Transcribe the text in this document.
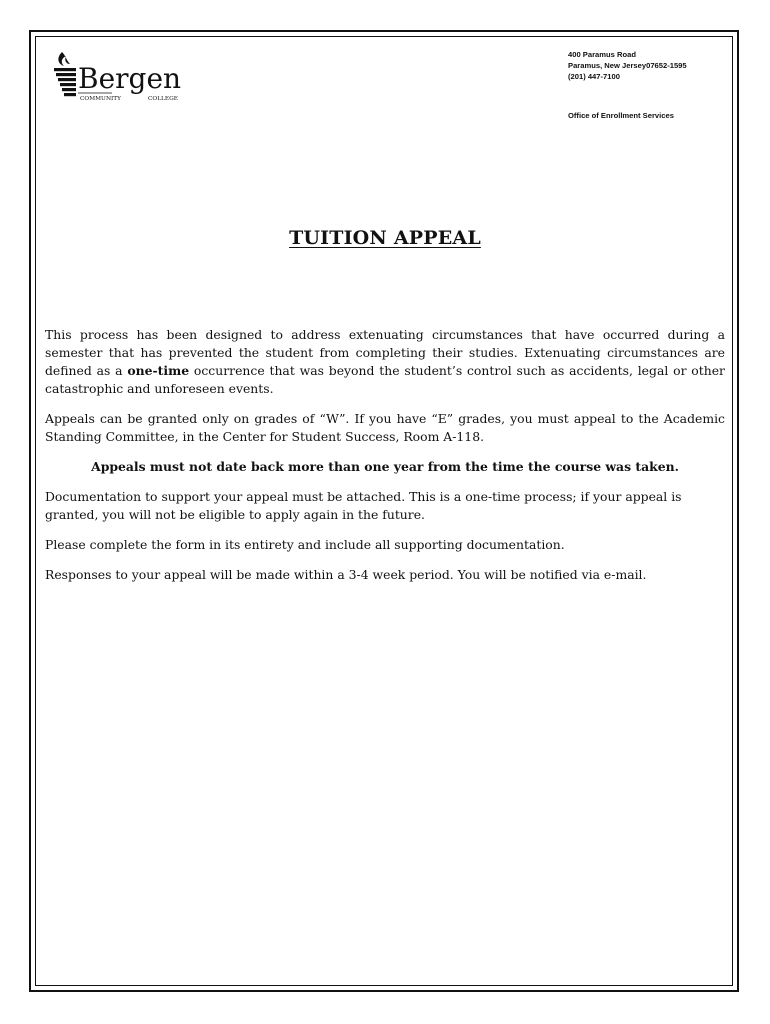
Bergen
COMMUNITY	COLLEGE
400 Paramus Road
Paramus, New Jersey07652-1595
(201) 447-7100
Office of Enrollment Services
TUITION APPEAL

This process has been designed to address extenuating circumstances that have occurred during a semester that has prevented the student from completing their studies. Extenuating circumstances are defined as a one-time occurrence that was beyond the student’s control such as accidents, legal or other catastrophic and unforeseen events.

Appeals can be granted only on grades of “W”. If you have “E” grades, you must appeal to the Academic Standing Committee, in the Center for Student Success, Room A-118.

Appeals must not date back more than one year from the time the course was taken.

Documentation to support your appeal must be attached. This is a one-time process; if your appeal is granted, you will not be eligible to apply again in the future.

Please complete the form in its entirety and include all supporting documentation.

Responses to your appeal will be made within a 3-4 week period. You will be notified via e-mail.
